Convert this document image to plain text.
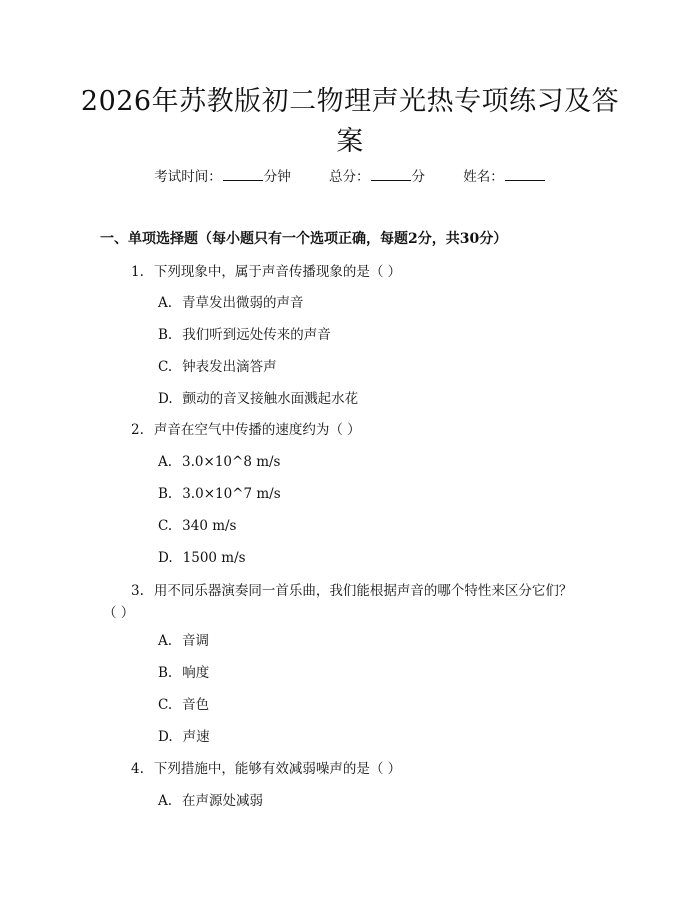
2026年苏教版初二物理声光热专项练习及答
案
考试时间：	分钟	总分：	分	姓名：
一、单项选择题（每小题只有一个选项正确，每题2分，共30分）
1. 下列现象中，属于声音传播现象的是（ ）
A. 青草发出微弱的声音
B. 我们听到远处传来的声音
C. 钟表发出滴答声
D. 颤动的音叉接触水面溅起水花
2. 声音在空气中传播的速度约为（ ）
A. 3.0×10^8 m/s
B. 3.0×10^7 m/s
C. 340 m/s
D. 1500 m/s
3. 用不同乐器演奏同一首乐曲，我们能根据声音的哪个特性来区分它们？
（ ）
A. 音调
B. 响度
C. 音色
D. 声速
4. 下列措施中，能够有效减弱噪声的是（ ）
A. 在声源处减弱
